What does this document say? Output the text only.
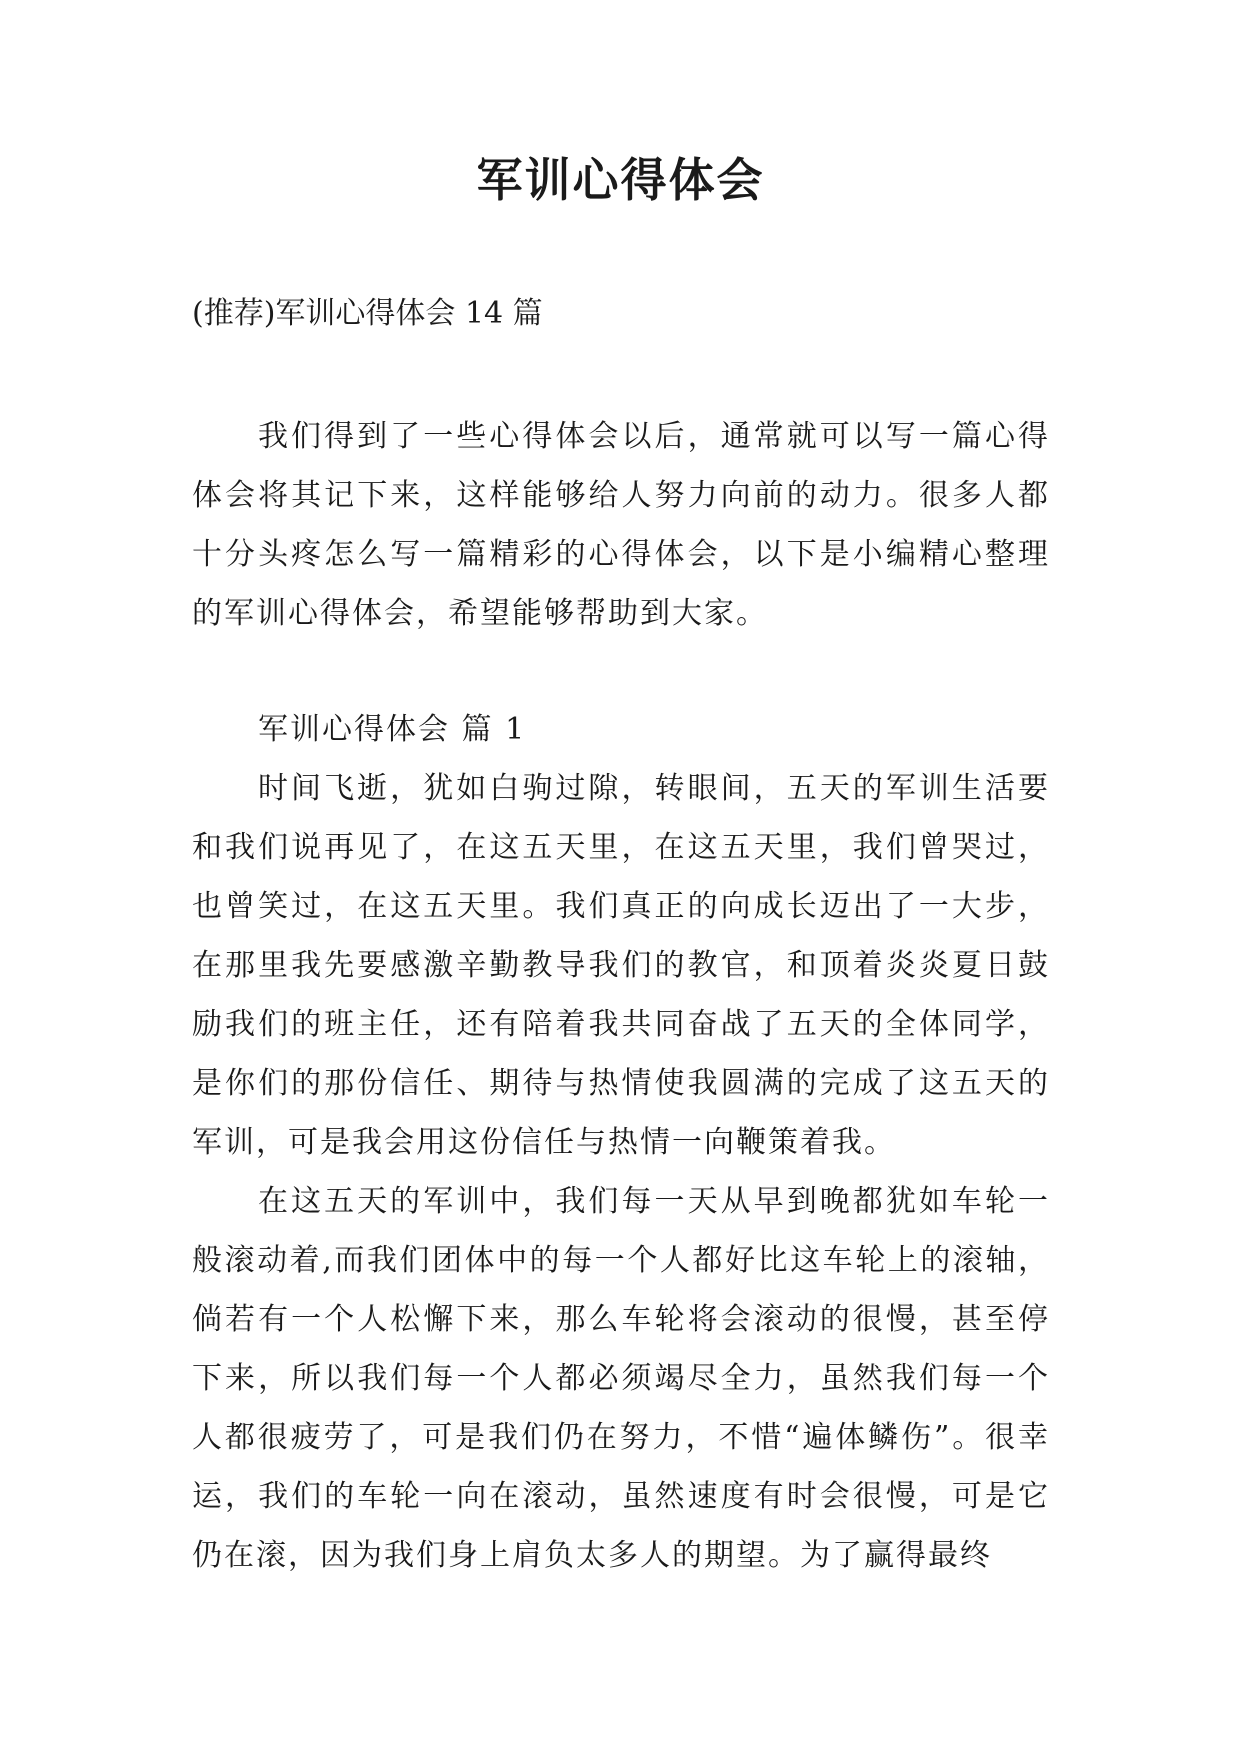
军训心得体会

(推荐)军训心得体会 14 篇

我们得到了一些心得体会以后，通常就可以写一篇心得体会将其记下来，这样能够给人努力向前的动力。很多人都十分头疼怎么写一篇精彩的心得体会，以下是小编精心整理的军训心得体会，希望能够帮助到大家。

军训心得体会 篇 1

时间飞逝，犹如白驹过隙，转眼间，五天的军训生活要和我们说再见了，在这五天里，在这五天里，我们曾哭过，也曾笑过，在这五天里。我们真正的向成长迈出了一大步，在那里我先要感激辛勤教导我们的教官，和顶着炎炎夏日鼓励我们的班主任，还有陪着我共同奋战了五天的全体同学，是你们的那份信任、期待与热情使我圆满的完成了这五天的军训，可是我会用这份信任与热情一向鞭策着我。

在这五天的军训中，我们每一天从早到晚都犹如车轮一般滚动着,而我们团体中的每一个人都好比这车轮上的滚轴，倘若有一个人松懈下来，那么车轮将会滚动的很慢，甚至停下来，所以我们每一个人都必须竭尽全力，虽然我们每一个人都很疲劳了，可是我们仍在努力，不惜“遍体鳞伤”。很幸运，我们的车轮一向在滚动，虽然速度有时会很慢，可是它仍在滚，因为我们身上肩负太多人的期望。为了赢得最终
